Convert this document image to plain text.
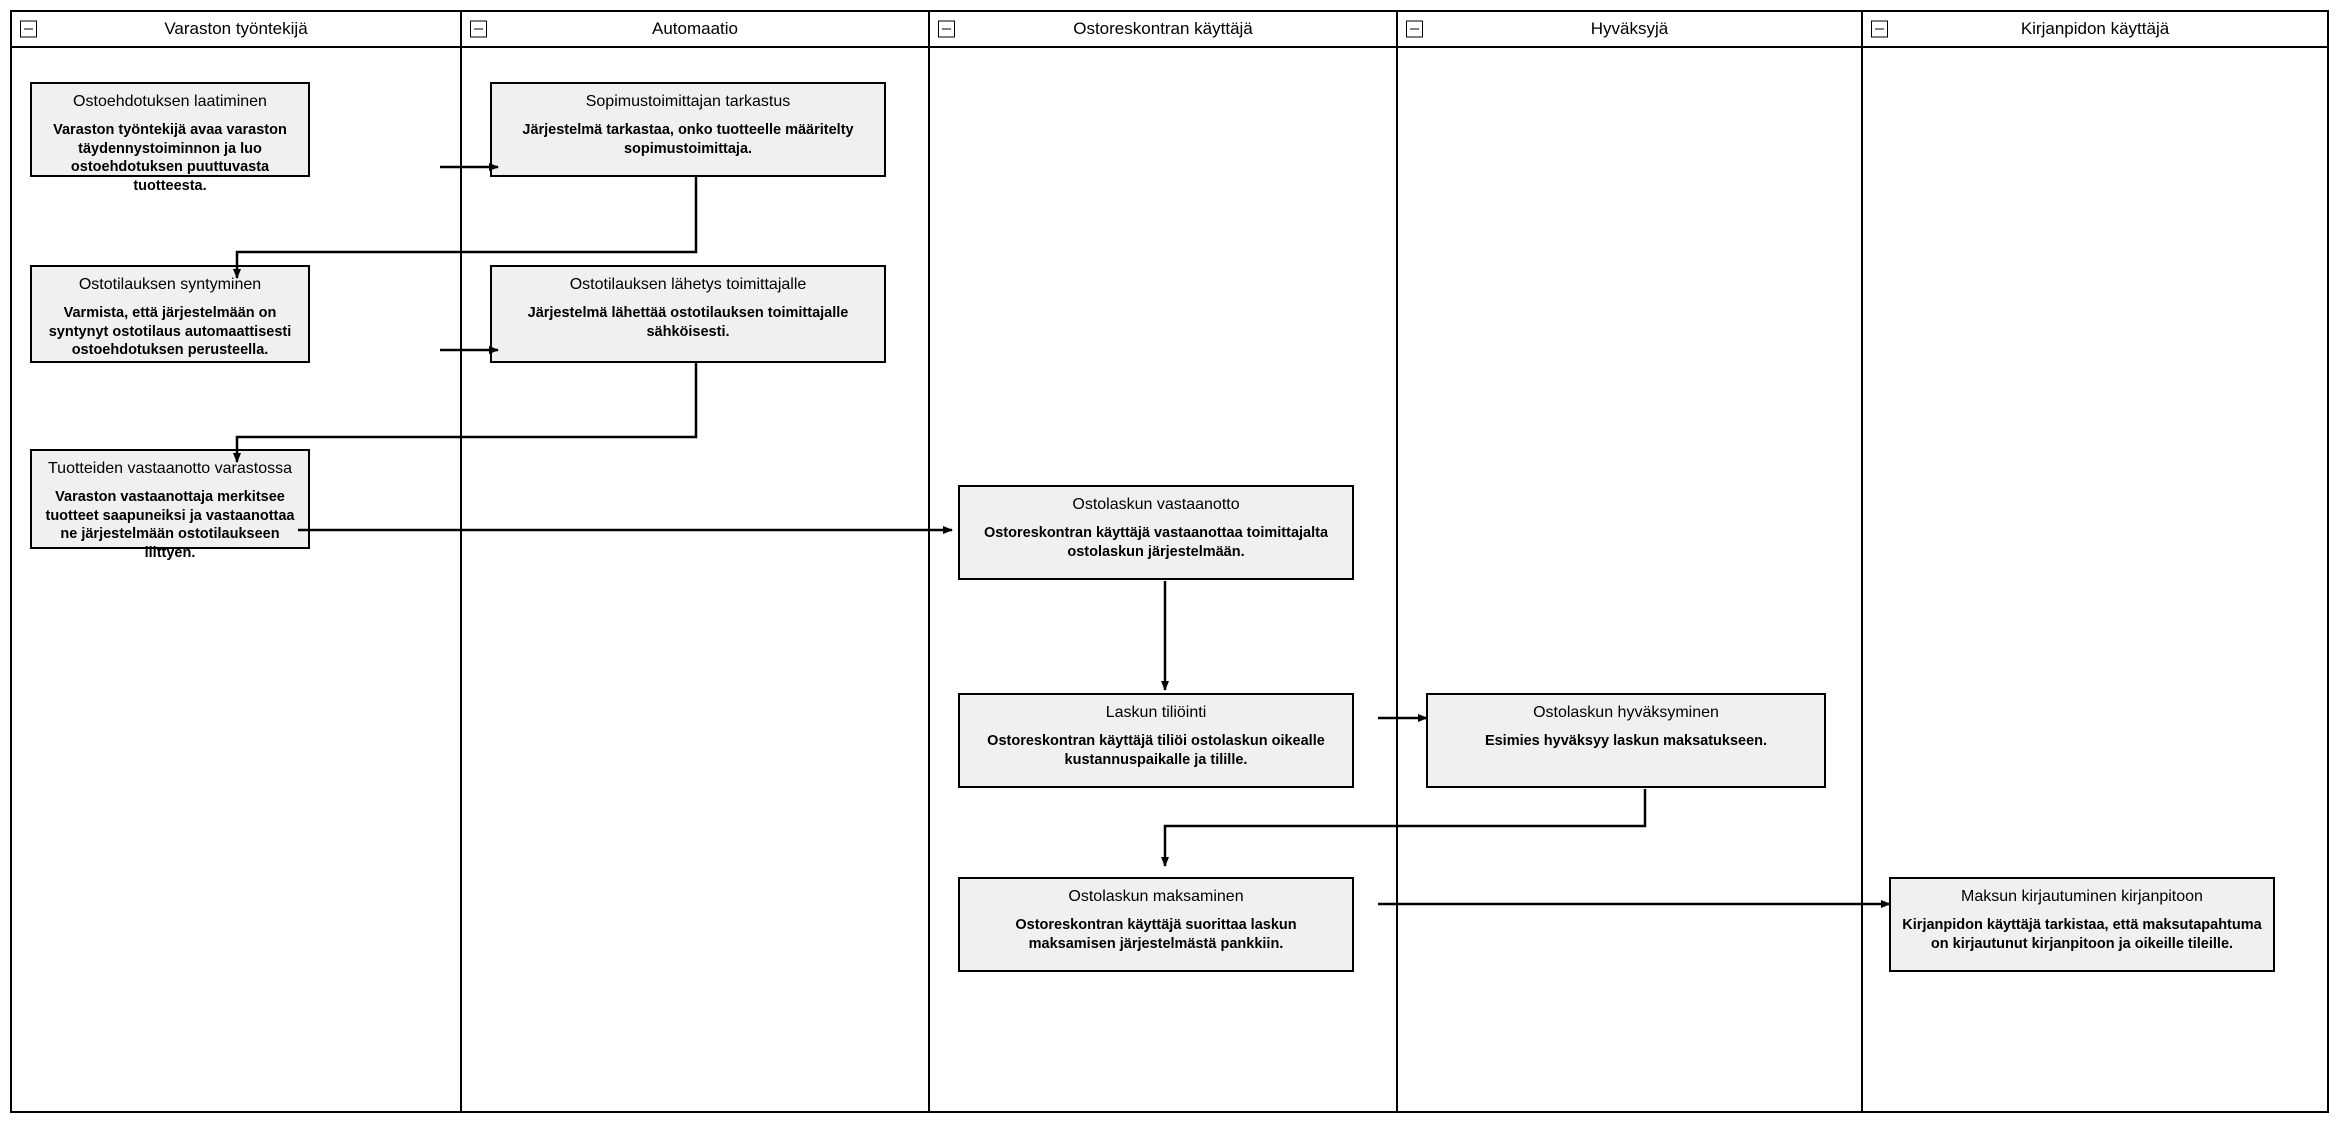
Varaston työntekijä
Ostoehdotuksen laatiminen
Varaston työntekijä avaa varaston täydennystoiminnon ja luo ostoehdotuksen puuttuvasta tuotteesta.
Ostotilauksen syntyminen
Varmista, että järjestelmään on syntynyt ostotilaus automaattisesti ostoehdotuksen perusteella.
Tuotteiden vastaanotto varastossa
Varaston vastaanottaja merkitsee tuotteet saapuneiksi ja vastaanottaa ne järjestelmään ostotilaukseen liittyen.
Automaatio
Sopimustoimittajan tarkastus
Järjestelmä tarkastaa, onko tuotteelle määritelty sopimustoimittaja.
Ostotilauksen lähetys toimittajalle
Järjestelmä lähettää ostotilauksen toimittajalle sähköisesti.
Ostoreskontran käyttäjä
Ostolaskun vastaanotto
Ostoreskontran käyttäjä vastaanottaa toimittajalta ostolaskun järjestelmään.
Laskun tiliöinti
Ostoreskontran käyttäjä tiliöi ostolaskun oikealle kustannuspaikalle ja tilille.
Ostolaskun maksaminen
Ostoreskontran käyttäjä suorittaa laskun maksamisen järjestelmästä pankkiin.
Hyväksyjä
Ostolaskun hyväksyminen
Esimies hyväksyy laskun maksatukseen.
Kirjanpidon käyttäjä
Maksun kirjautuminen kirjanpitoon
Kirjanpidon käyttäjä tarkistaa, että maksutapahtuma on kirjautunut kirjanpitoon ja oikeille tileille.
